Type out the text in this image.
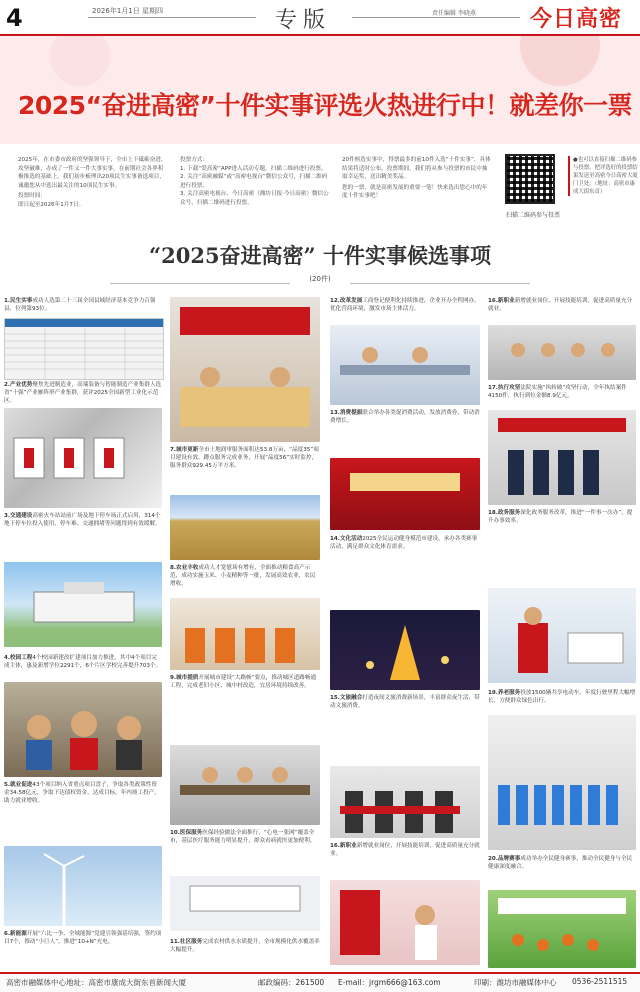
4	2026年1月1日 星期四	专版	责任编辑 李晓燕 今日高密
2025“奋进高密”十件实事评选火热进行中！就差你一票

2025年，在市委市政府的坚强领导下，全市上下砥砺奋进、攻坚破难，办成了一件又一件大事实事，在前期社会各界积极推选的基础上，我们初步梳理出20项民生实事备选项目，诚邀您从中选出最关注的10项民生实事。

投票时间：

即日起至2026年1月7日。

投票方式：

1. 下载“爱高密”APP进入活动专题，扫描二维码进行投票。

2. 关注“高密融媒”或“高密电视台”微信公众号，扫描二维码进行投票。

3. 关注高密电视台、今日高密（潍坊日报·今日高密）微信公众号，扫描二维码进行投票。

20件候选实事中，得票最多的前10件入选“十件实事”，具体结果将适时公布。投票期间，我们将从参与投票的市民中抽取幸运奖，送出精美奖品。

您的一票，就是高密发展的重要一笔！快来选出您心中的年度十件实事吧！

扫描二维码参与投票
●也可以直接扫描二维码参与投票，把评选好的投票结果发送至高密今日高密大厦门卫处。（地址：高密市康成大街东首）
“2025奋进高密” 十件实事候选事项
(20件)
1.民生实事成功人选第二十三届全国县域经济基本竞争力百强县，位列第93位。
2.产业优势聚焦先进制造业，高端装备与智能制造产业集群人选省“十强”产业雁阵形产业集群，获评2025全国新型工业化示范区。
3.交通建设高密火车站站前广场及地下停车场正式启用，314个地下停车位投入使用，停车难、交通拥堵等问题得到有效缓解。
4.校园工程4个校园新建改扩建项目加力推进，其中4个项目完成主体，惠及新增学位2291个，6个片区学校完善提升703个。
5.就业促进43个项目纳入省重点项目盘子，争取各类政策性资金34.58亿元，争取下达债权资金，达成目标，年内竣工投产，助力就业增收。
6.新能源开展“六比一争、全域能源”党建引领强基培强，签约项目7个，推动“小巨人”，推进“10+N”充电。
7.城市更新全市土地润审服务面积达53.8万亩，“晶度35”项目建设有效，蹲点服务完成业务，开展“晶度56”实时监控，服务群众929.45万平方米。
8.农业丰收成功人才宽慰场有增有，全面推动粮食高产示范，成功实施玉米、小麦精种等一批，发展高效农业，农民增收。
9.城市提质开展城市建设“大路畅”要点，推动城区道路畅通工程，完成老旧小区、城中村改造，宜居环境持续改善。
10.医保服务医保经验做法全面推行，“心电一张网”覆盖全市，基层医疗服务能力明显提升，群众看病就医更加便利。
11.社区服务完成农村供水水质提升，全市规模化供水覆盖率大幅提升。
12.改革发展工商登记便利化持续推进，企业开办全程网办，优化营商环境，激发市场主体活力。
13.消费提振联合举办各类促消费活动，发放消费券，带动消费增长。
14.文化活动2025全民运动健身模范市建设，承办各类赛事活动，满足群众文化体育需求。
15.文旅融合打造夜间文旅消费新场景，丰富群众夜生活，带动文旅消费。
16.新职业新增就业岗位，开展技能培训，促进高质量充分就业。
16.新职业新增就业岗位，开展技能培训，促进高质量充分就业。
17.执行攻坚法院实施“执转破”攻坚行动，全年执结案件4150件，执行到位金额8.9亿元。
18.政务服务深化政务服务改革，推进“一件事一次办”，提升办事效率。
19.养老服务投放1500辆共享电动车，年度行驶里程大幅增长，方便群众绿色出行。
20.品牌赛事成功举办全民健身赛事，推动全民健身与全民健康深度融合。
高密市融媒体中心地址：高密市康成大街东首新闻大厦	邮政编码：261500 E-mail：jrgm666@163.com	印刷：潍坊市融媒体中心 0536-2511515
